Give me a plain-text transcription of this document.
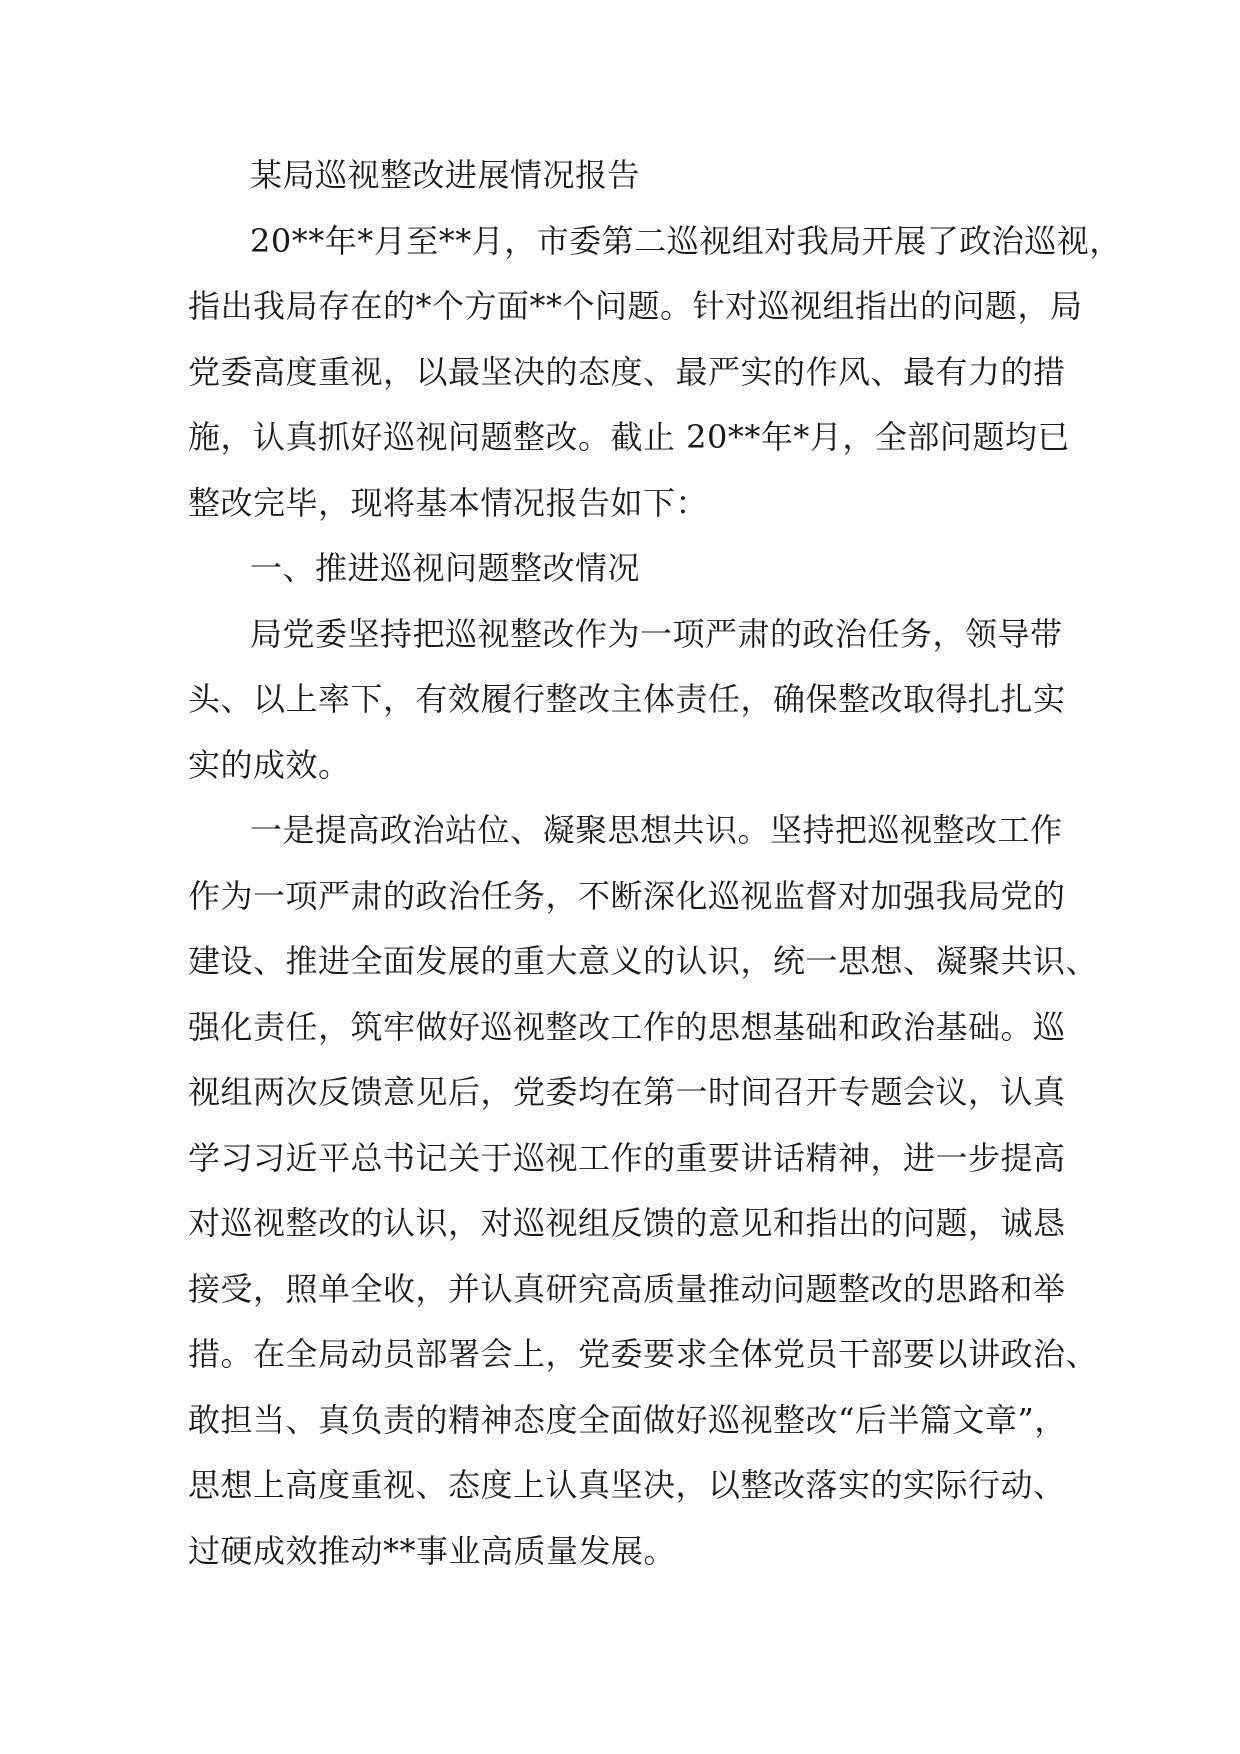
某局巡视整改进展情况报告
20**年*月至**月，市委第二巡视组对我局开展了政治巡视，
指出我局存在的*个方面**个问题。针对巡视组指出的问题，局
党委高度重视，以最坚决的态度、最严实的作风、最有力的措
施，认真抓好巡视问题整改。截止 20**年*月，全部问题均已
整改完毕，现将基本情况报告如下：
一、推进巡视问题整改情况
局党委坚持把巡视整改作为一项严肃的政治任务，领导带
头、以上率下，有效履行整改主体责任，确保整改取得扎扎实
实的成效。
一是提高政治站位、凝聚思想共识。坚持把巡视整改工作
作为一项严肃的政治任务，不断深化巡视监督对加强我局党的
建设、推进全面发展的重大意义的认识，统一思想、凝聚共识、
强化责任，筑牢做好巡视整改工作的思想基础和政治基础。巡
视组两次反馈意见后，党委均在第一时间召开专题会议，认真
学习习近平总书记关于巡视工作的重要讲话精神，进一步提高
对巡视整改的认识，对巡视组反馈的意见和指出的问题，诚恳
接受，照单全收，并认真研究高质量推动问题整改的思路和举
措。在全局动员部署会上，党委要求全体党员干部要以讲政治、
敢担当、真负责的精神态度全面做好巡视整改“后半篇文章”，
思想上高度重视、态度上认真坚决，以整改落实的实际行动、
过硬成效推动**事业高质量发展。
